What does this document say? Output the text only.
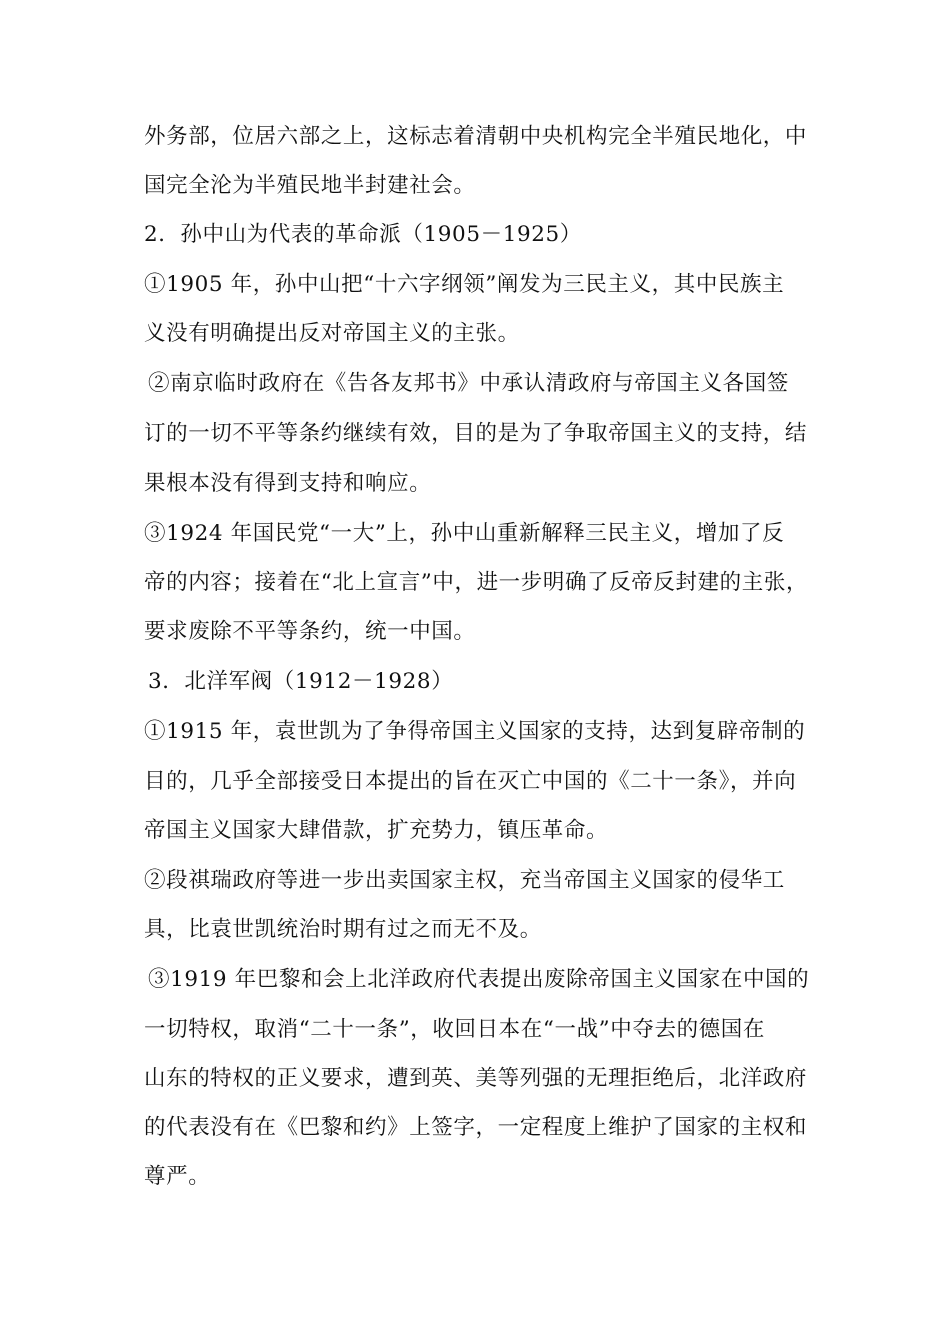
外务部，位居六部之上，这标志着清朝中央机构完全半殖民地化，中
国完全沦为半殖民地半封建社会。
2．孙中山为代表的革命派（1905－1925）
①1905 年，孙中山把“十六字纲领”阐发为三民主义，其中民族主
义没有明确提出反对帝国主义的主张。
②南京临时政府在《告各友邦书》中承认清政府与帝国主义各国签
订的一切不平等条约继续有效，目的是为了争取帝国主义的支持，结
果根本没有得到支持和响应。
③1924 年国民党“一大”上，孙中山重新解释三民主义，增加了反
帝的内容；接着在“北上宣言”中，进一步明确了反帝反封建的主张，
要求废除不平等条约，统一中国。
3．北洋军阀（1912－1928）
①1915 年，袁世凯为了争得帝国主义国家的支持，达到复辟帝制的
目的，几乎全部接受日本提出的旨在灭亡中国的《二十一条》，并向
帝国主义国家大肆借款，扩充势力，镇压革命。
②段祺瑞政府等进一步出卖国家主权，充当帝国主义国家的侵华工
具，比袁世凯统治时期有过之而无不及。
③1919 年巴黎和会上北洋政府代表提出废除帝国主义国家在中国的
一切特权，取消“二十一条”，收回日本在“一战”中夺去的德国在
山东的特权的正义要求，遭到英、美等列强的无理拒绝后，北洋政府
的代表没有在《巴黎和约》上签字，一定程度上维护了国家的主权和
尊严。
